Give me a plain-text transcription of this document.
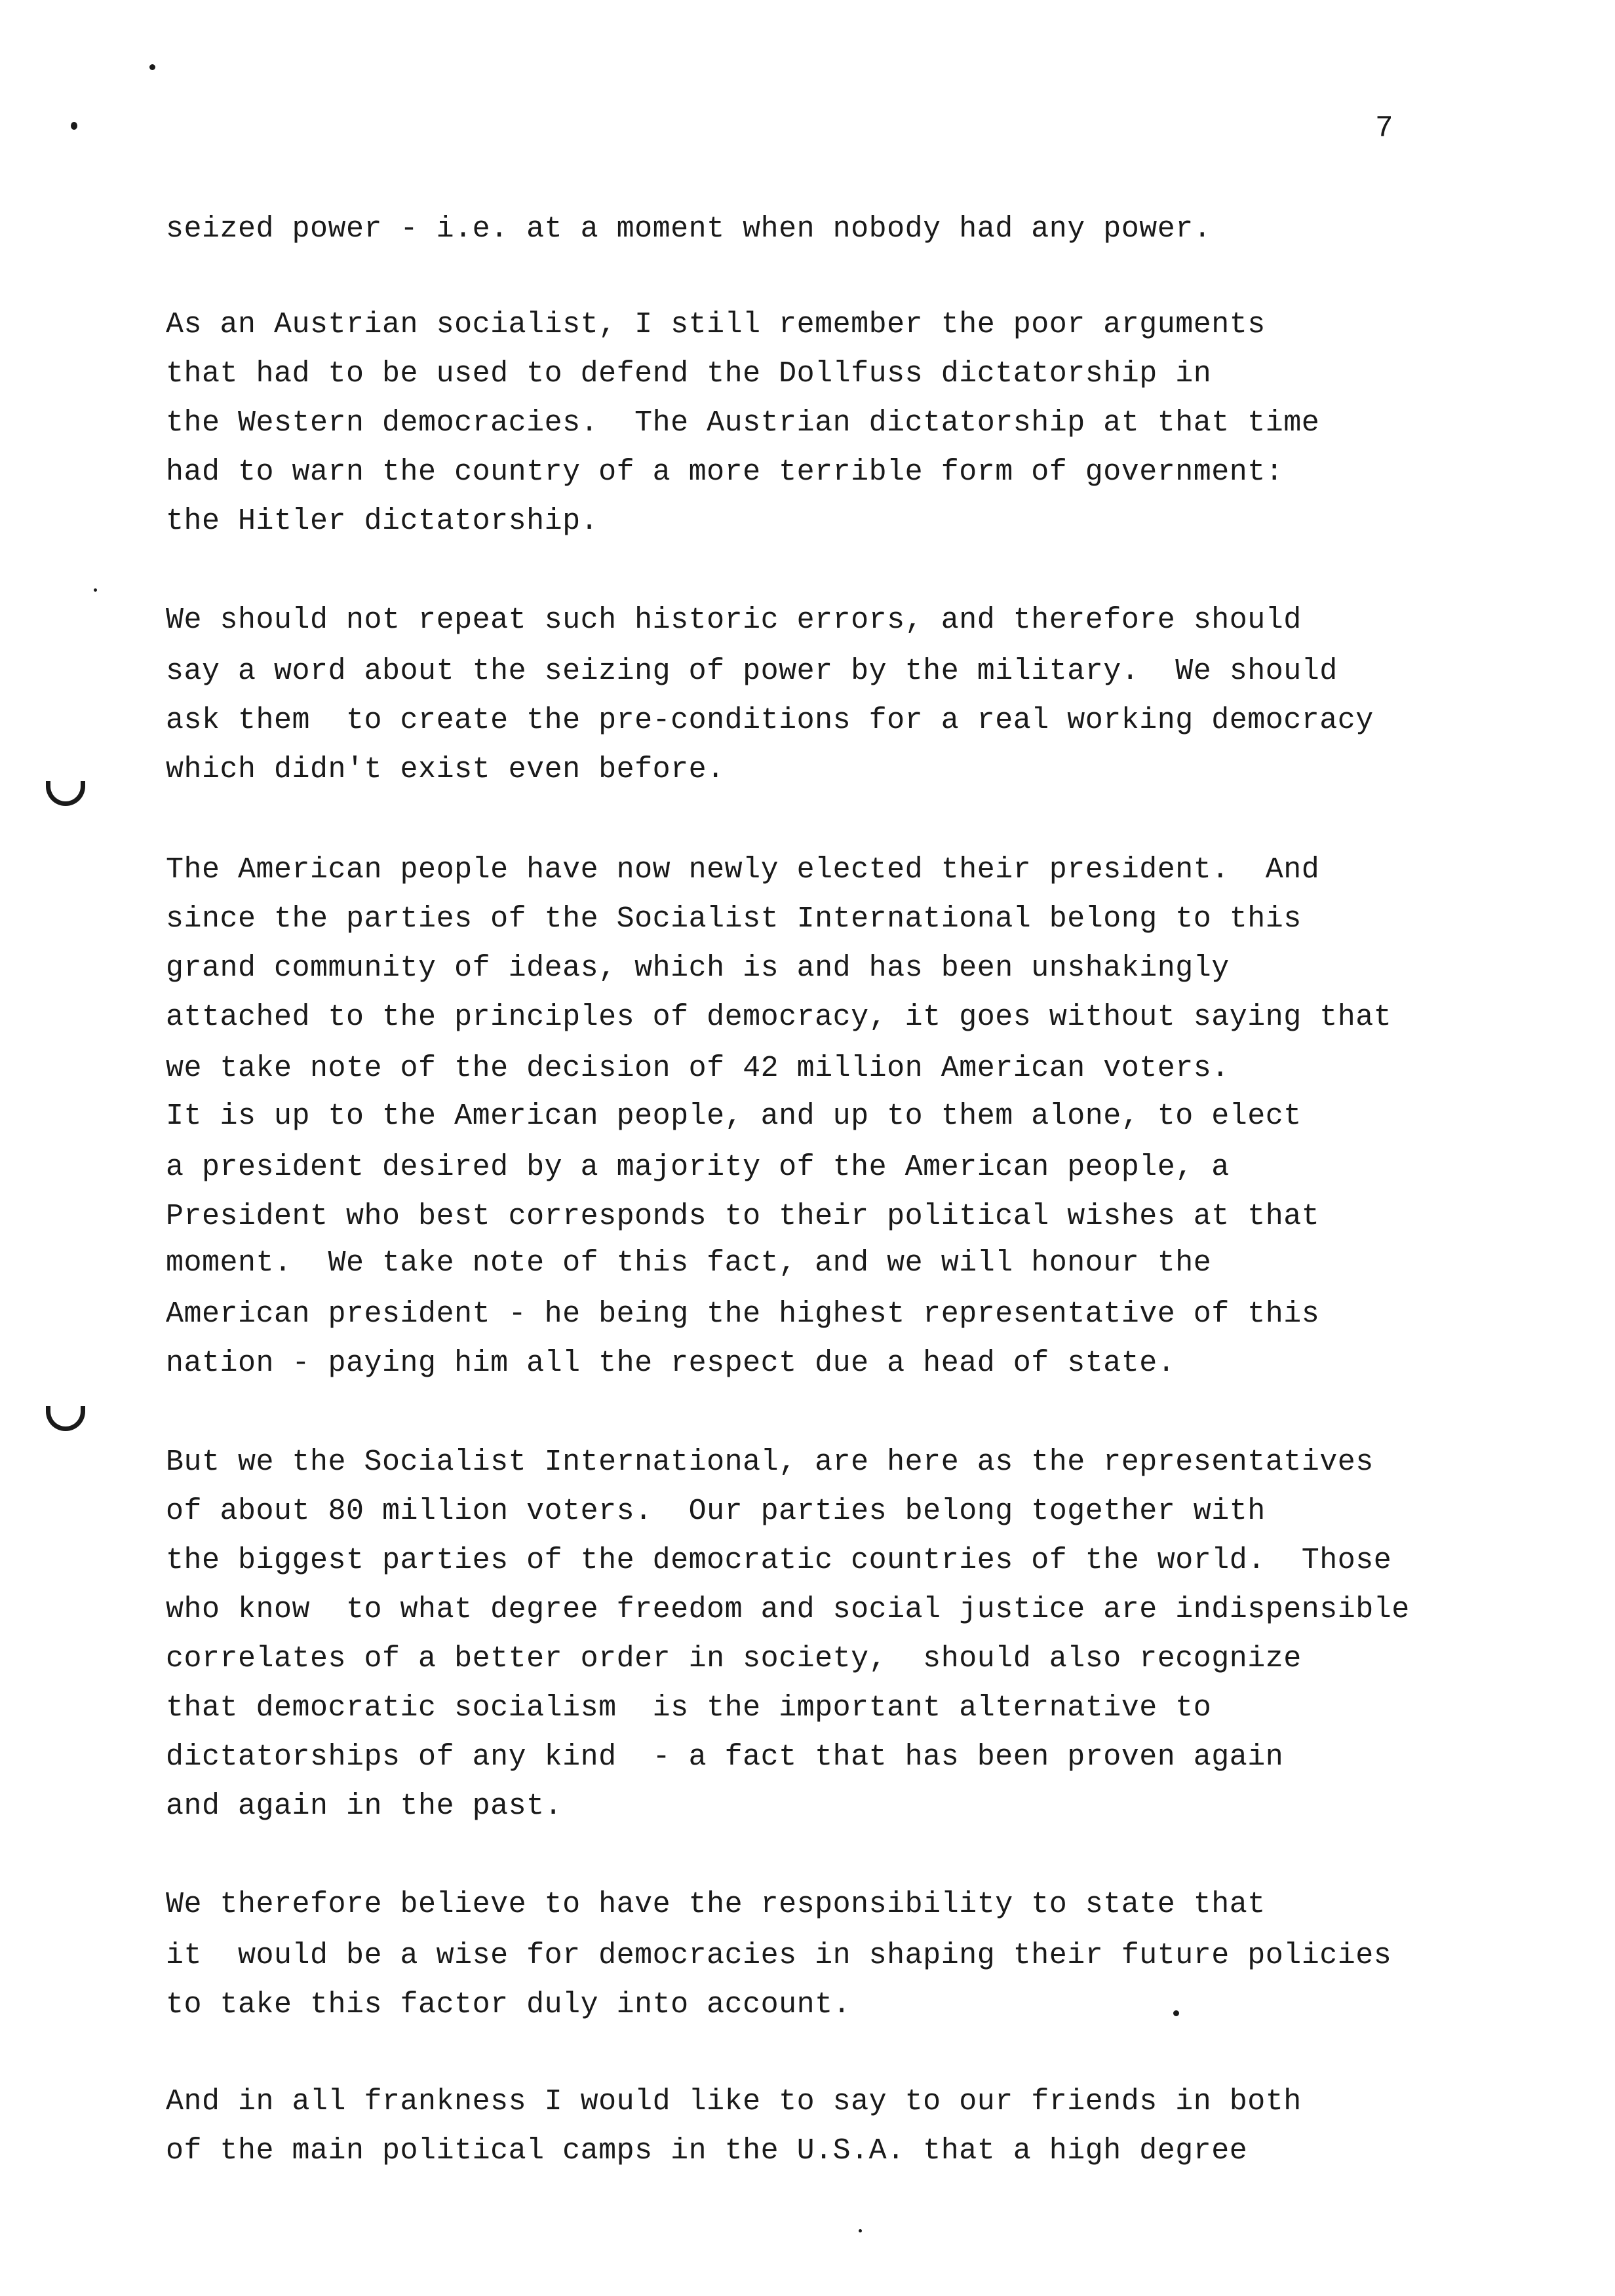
7
seized power - i.e. at a moment when nobody had any power.
As an Austrian socialist, I still remember the poor arguments
that had to be used to defend the Dollfuss dictatorship in
the Western democracies.  The Austrian dictatorship at that time
had to warn the country of a more terrible form of government:
the Hitler dictatorship.
We should not repeat such historic errors, and therefore should
say a word about the seizing of power by the military.  We should
ask them  to create the pre-conditions for a real working democracy
which didn't exist even before.
The American people have now newly elected their president.  And
since the parties of the Socialist International belong to this
grand community of ideas, which is and has been unshakingly
attached to the principles of democracy, it goes without saying that
we take note of the decision of 42 million American voters.
It is up to the American people, and up to them alone, to elect
a president desired by a majority of the American people, a
President who best corresponds to their political wishes at that
moment.  We take note of this fact, and we will honour the
American president - he being the highest representative of this
nation - paying him all the respect due a head of state.
But we the Socialist International, are here as the representatives
of about 80 million voters.  Our parties belong together with
the biggest parties of the democratic countries of the world.  Those
who know  to what degree freedom and social justice are indispensible
correlates of a better order in society,  should also recognize
that democratic socialism  is the important alternative to
dictatorships of any kind  - a fact that has been proven again
and again in the past.
We therefore believe to have the responsibility to state that
it  would be a wise for democracies in shaping their future policies
to take this factor duly into account.
And in all frankness I would like to say to our friends in both
of the main political camps in the U.S.A. that a high degree
